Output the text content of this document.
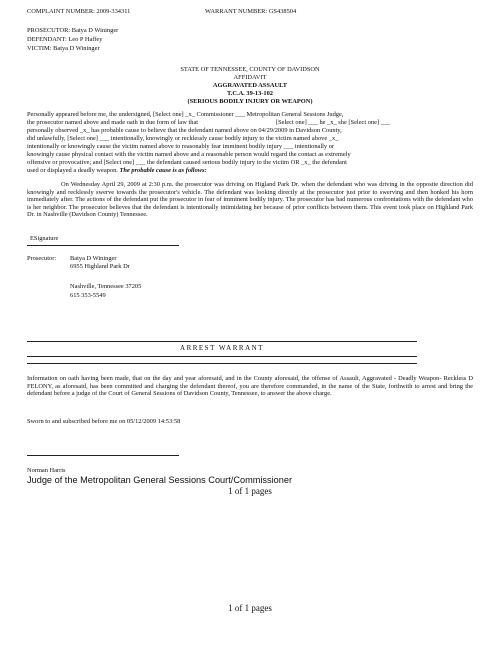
COMPLAINT NUMBER: 2009-334311	WARRANT NUMBER: GS438504
PROSECUTOR: Batya D Wininger
DEFENDANT: Leo P Haffey
VICTIM: Batya D Wininger
STATE OF TENNESSEE, COUNTY OF DAVIDSON
AFFIDAVIT
AGGRAVATED ASSAULT
T.C.A. 39-13-102
(SERIOUS BODILY INJURY OR WEAPON)
Personally appeared before me, the undersigned, [Select one] _x_ Commissioner ___ Metropolitan General Sessions Judge,
the prosecutor named above and made oath in due form of law that	[Select one] ___ he _x_ she [Select one] ___
personally observed _x_ has probable cause to believe that the defendant named above on 04/29/2009 in Davidson County,
did unlawfully, [Select one] ___ intentionally, knowingly or recklessly cause bodily injury to the victim named above _x_
intentionally or knowingly cause the victim named above to reasonably fear imminent bodily injury ___ intentionally or
knowingly cause physical contact with the victim named above and a reasonable person would regard the contact as extremely
offensive or provocative; and [Select one] ___ the defendant caused serious bodily injury to the victim OR _x_ the defendant
used or displayed a deadly weapon. The probable cause is as follows:
On Wednesday April 29, 2009 at 2:30 p.m. the prosecutor was driving on Higland Park Dr. when the defendant who was driving in the opposite direction did knowingly and recklessly swerve towards the prosecutor's vehicle. The defendant was looking directly at the prosecutor just prior to swerving and then honked his horn immediately after. The actions of the defendant put the prosecutor in fear of imminent bodily injury. The prosecutor has had numerous confrontations with the defendant who is her neighbor. The prosecutor believes that the defendant is intentionally intimidating her because of prior conflicts between them. This event took place on Highland Park Dr. in Nashville (Davidson County) Tennessee.
ESignature
Prosecutor: Batya D Wininger
6955 Highland Park Dr
Nashville, Tennessee 37205
615 353-5549
ARREST WARRANT
Information on oath having been made, that on the day and year aforesaid, and in the County aforesaid, the offense of Assault, Aggravated - Deadly Weapon- Reckless D FELONY, as aforesaid, has been committed and charging the defendant thereof, you are therefore commanded, in the name of the State, forthwith to arrest and bring the defendant before a judge of the Court of General Sessions of Davidson County, Tennessee, to answer the above charge.
Sworn to and subscribed before me on 05/12/2009 14:53:58
Norman Harris
Judge of the Metropolitan General Sessions Court/Commissioner
1 of 1 pages
1 of 1 pages
